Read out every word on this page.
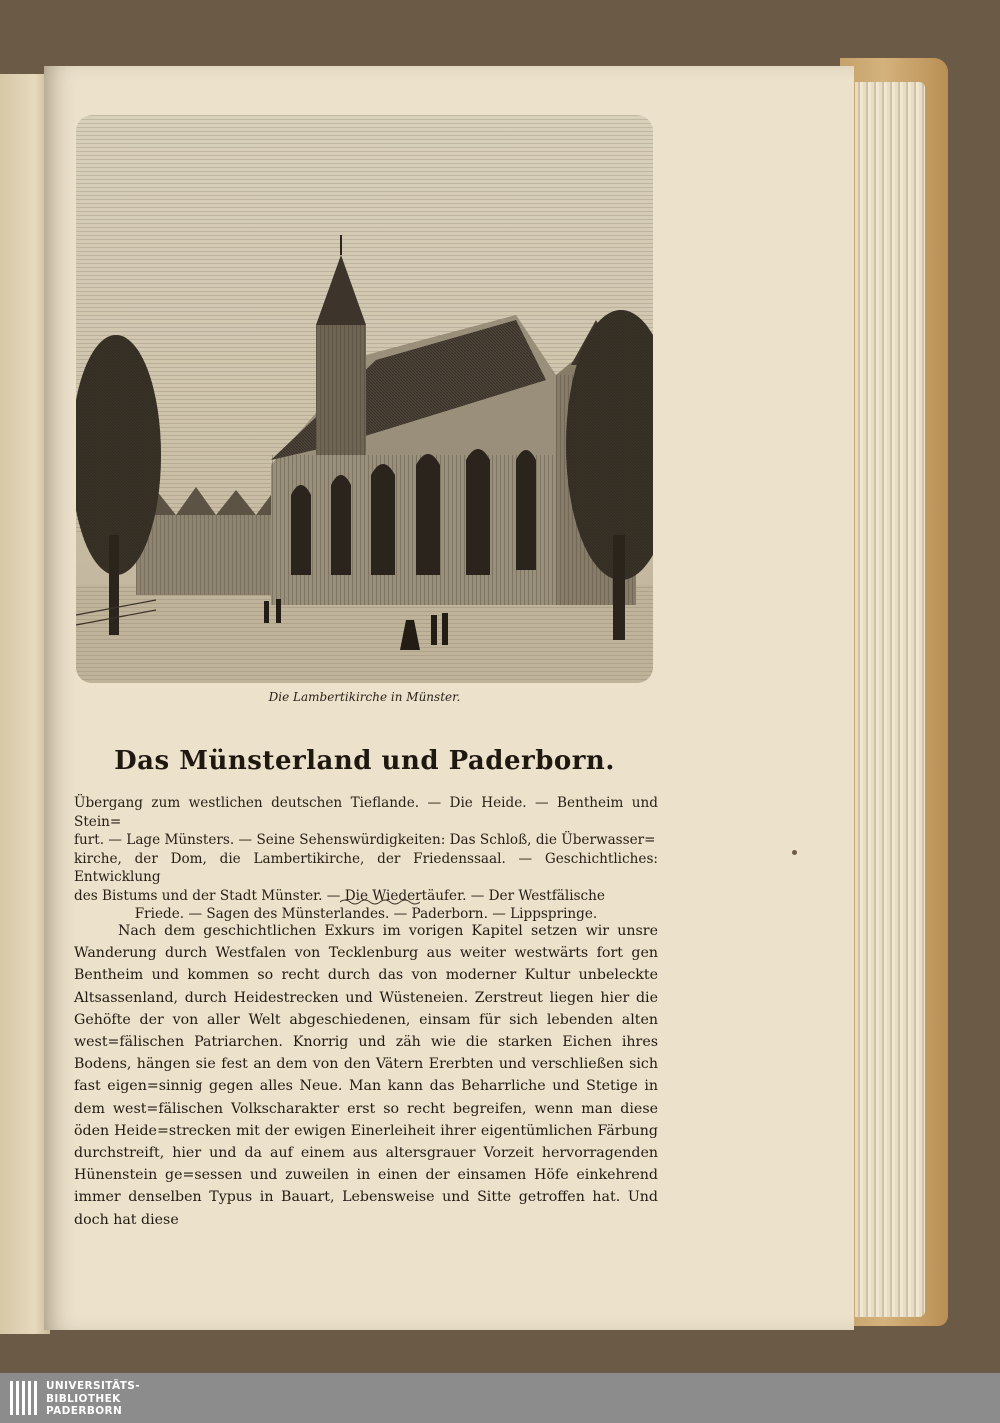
Die Lambertikirche in Münster.
Das Münsterland und Paderborn.
Übergang zum westlichen deutschen Tieflande. — Die Heide. — Bentheim und Stein=
furt. — Lage Münsters. — Seine Sehenswürdigkeiten: Das Schloß, die Überwasser=
kirche, der Dom, die Lambertikirche, der Friedenssaal. — Geschichtliches: Entwicklung
des Bistums und der Stadt Münster. — Die Wiedertäufer. — Der Westfälische
Friede. — Sagen des Münsterlandes. — Paderborn. — Lippspringe.
Nach dem geschichtlichen Exkurs im vorigen Kapitel setzen wir unsre Wanderung durch Westfalen von Tecklenburg aus weiter westwärts fort gen Bentheim und kommen so recht durch das von moderner Kultur unbeleckte Altsassenland, durch Heidestrecken und Wüsteneien. Zerstreut liegen hier die Gehöfte der von aller Welt abgeschiedenen, einsam für sich lebenden alten west=fälischen Patriarchen. Knorrig und zäh wie die starken Eichen ihres Bodens, hängen sie fest an dem von den Vätern Ererbten und verschließen sich fast eigen=sinnig gegen alles Neue. Man kann das Beharrliche und Stetige in dem west=fälischen Volkscharakter erst so recht begreifen, wenn man diese öden Heide=strecken mit der ewigen Einerleiheit ihrer eigentümlichen Färbung durchstreift, hier und da auf einem aus altersgrauer Vorzeit hervorragenden Hünenstein ge=sessen und zuweilen in einen der einsamen Höfe einkehrend immer denselben Typus in Bauart, Lebensweise und Sitte getroffen hat. Und doch hat diese
UNIVERSITÄTS-
BIBLIOTHEK
PADERBORN
